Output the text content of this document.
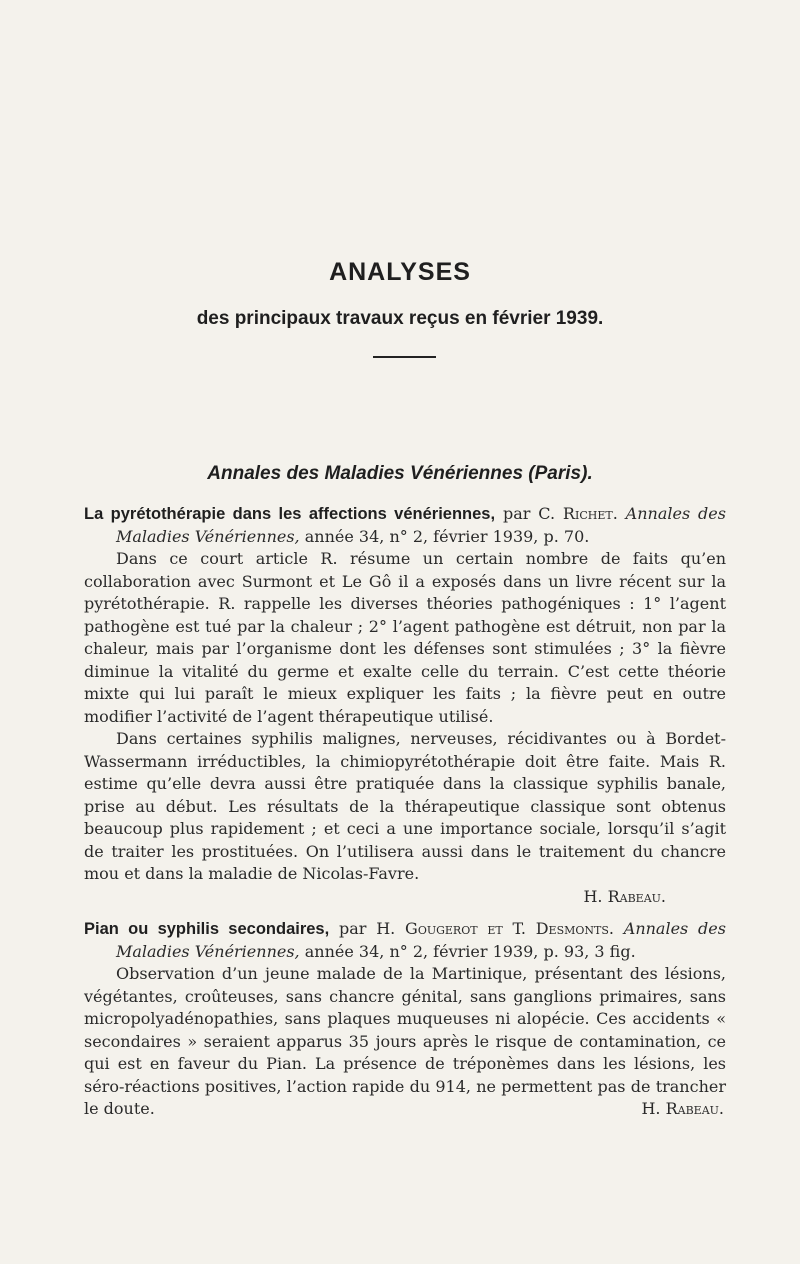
ANALYSES
des principaux travaux reçus en février 1939.
Annales des Maladies Vénériennes (Paris).

La pyrétothérapie dans les affections vénériennes, par C. Richet. Annales des Maladies Vénériennes, année 34, n° 2, février 1939, p. 70.

Dans ce court article R. résume un certain nombre de faits qu’en collaboration avec Surmont et Le Gô il a exposés dans un livre récent sur la pyrétothérapie. R. rappelle les diverses théories pathogéniques : 1° l’agent pathogène est tué par la chaleur ; 2° l’agent pathogène est détruit, non par la chaleur, mais par l’organisme dont les défenses sont stimulées ; 3° la fièvre diminue la vitalité du germe et exalte celle du terrain. C’est cette théorie mixte qui lui paraît le mieux expliquer les faits ; la fièvre peut en outre modifier l’activité de l’agent thérapeutique utilisé.

Dans certaines syphilis malignes, nerveuses, récidivantes ou à Bordet-Wassermann irréductibles, la chimiopyrétothérapie doit être faite. Mais R. estime qu’elle devra aussi être pratiquée dans la classique syphilis banale, prise au début. Les résultats de la thérapeutique classique sont obtenus beaucoup plus rapidement ; et ceci a une importance sociale, lorsqu’il s’agit de traiter les prostituées. On l’utilisera aussi dans le traitement du chancre mou et dans la maladie de Nicolas-Favre.

H. Rabeau.

Pian ou syphilis secondaires, par H. Gougerot et T. Desmonts. Annales des Maladies Vénériennes, année 34, n° 2, février 1939, p. 93, 3 fig.

Observation d’un jeune malade de la Martinique, présentant des lésions, végétantes, croûteuses, sans chancre génital, sans ganglions primaires, sans micropolyadénopathies, sans plaques muqueuses ni alopécie. Ces accidents « secondaires » seraient apparus 35 jours après le risque de contamination, ce qui est en faveur du Pian. La présence de tréponèmes dans les lésions, les séro-réactions positives, l’action rapide du 914, ne permettent pas de trancher le doute.	H. Rabeau.
